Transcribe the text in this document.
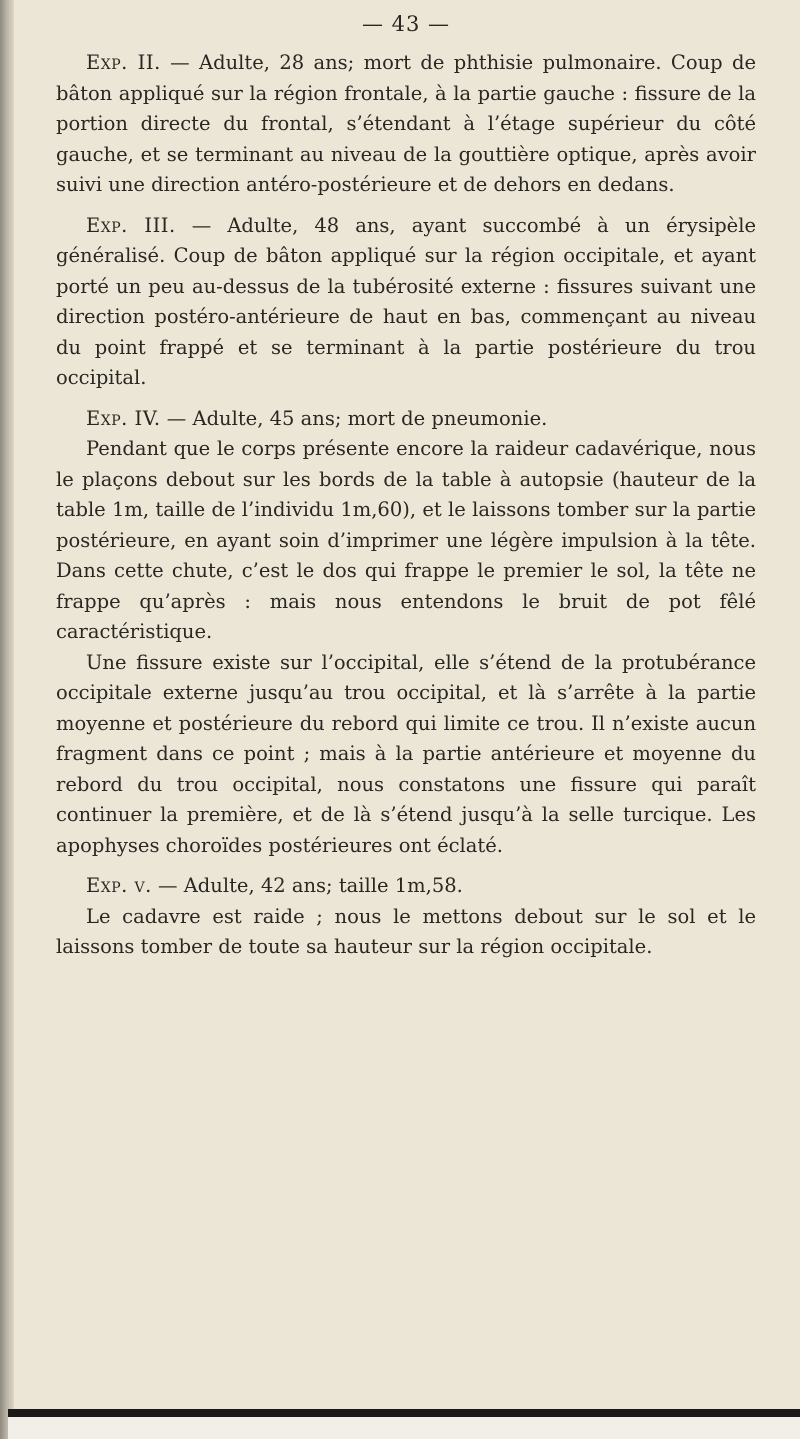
— 43 —

Exp. II. — Adulte, 28 ans; mort de phthisie pulmonaire. Coup de bâton appliqué sur la région frontale, à la partie gauche : fissure de la portion directe du frontal, s’étendant à l’étage supérieur du côté gauche, et se terminant au niveau de la gouttière optique, après avoir suivi une direction antéro-postérieure et de dehors en dedans.

Exp. III. — Adulte, 48 ans, ayant succombé à un érysipèle généralisé. Coup de bâton appliqué sur la région occipitale, et ayant porté un peu au-dessus de la tubérosité externe : fissures suivant une direction postéro-antérieure de haut en bas, commençant au niveau du point frappé et se terminant à la partie postérieure du trou occipital.

Exp. IV. — Adulte, 45 ans; mort de pneumonie.

Pendant que le corps présente encore la raideur cadavérique, nous le plaçons debout sur les bords de la table à autopsie (hauteur de la table 1m, taille de l’individu 1m,60), et le laissons tomber sur la partie postérieure, en ayant soin d’imprimer une légère impulsion à la tête. Dans cette chute, c’est le dos qui frappe le premier le sol, la tête ne frappe qu’après : mais nous entendons le bruit de pot fêlé caractéristique.

Une fissure existe sur l’occipital, elle s’étend de la protubérance occipitale externe jusqu’au trou occipital, et là s’arrête à la partie moyenne et postérieure du rebord qui limite ce trou. Il n’existe aucun fragment dans ce point ; mais à la partie antérieure et moyenne du rebord du trou occipital, nous constatons une fissure qui paraît continuer la première, et de là s’étend jusqu’à la selle turcique. Les apophyses choroïdes postérieures ont éclaté.

Exp. v. — Adulte, 42 ans; taille 1m,58.

Le cadavre est raide ; nous le mettons debout sur le sol et le laissons tomber de toute sa hauteur sur la région occipitale.
